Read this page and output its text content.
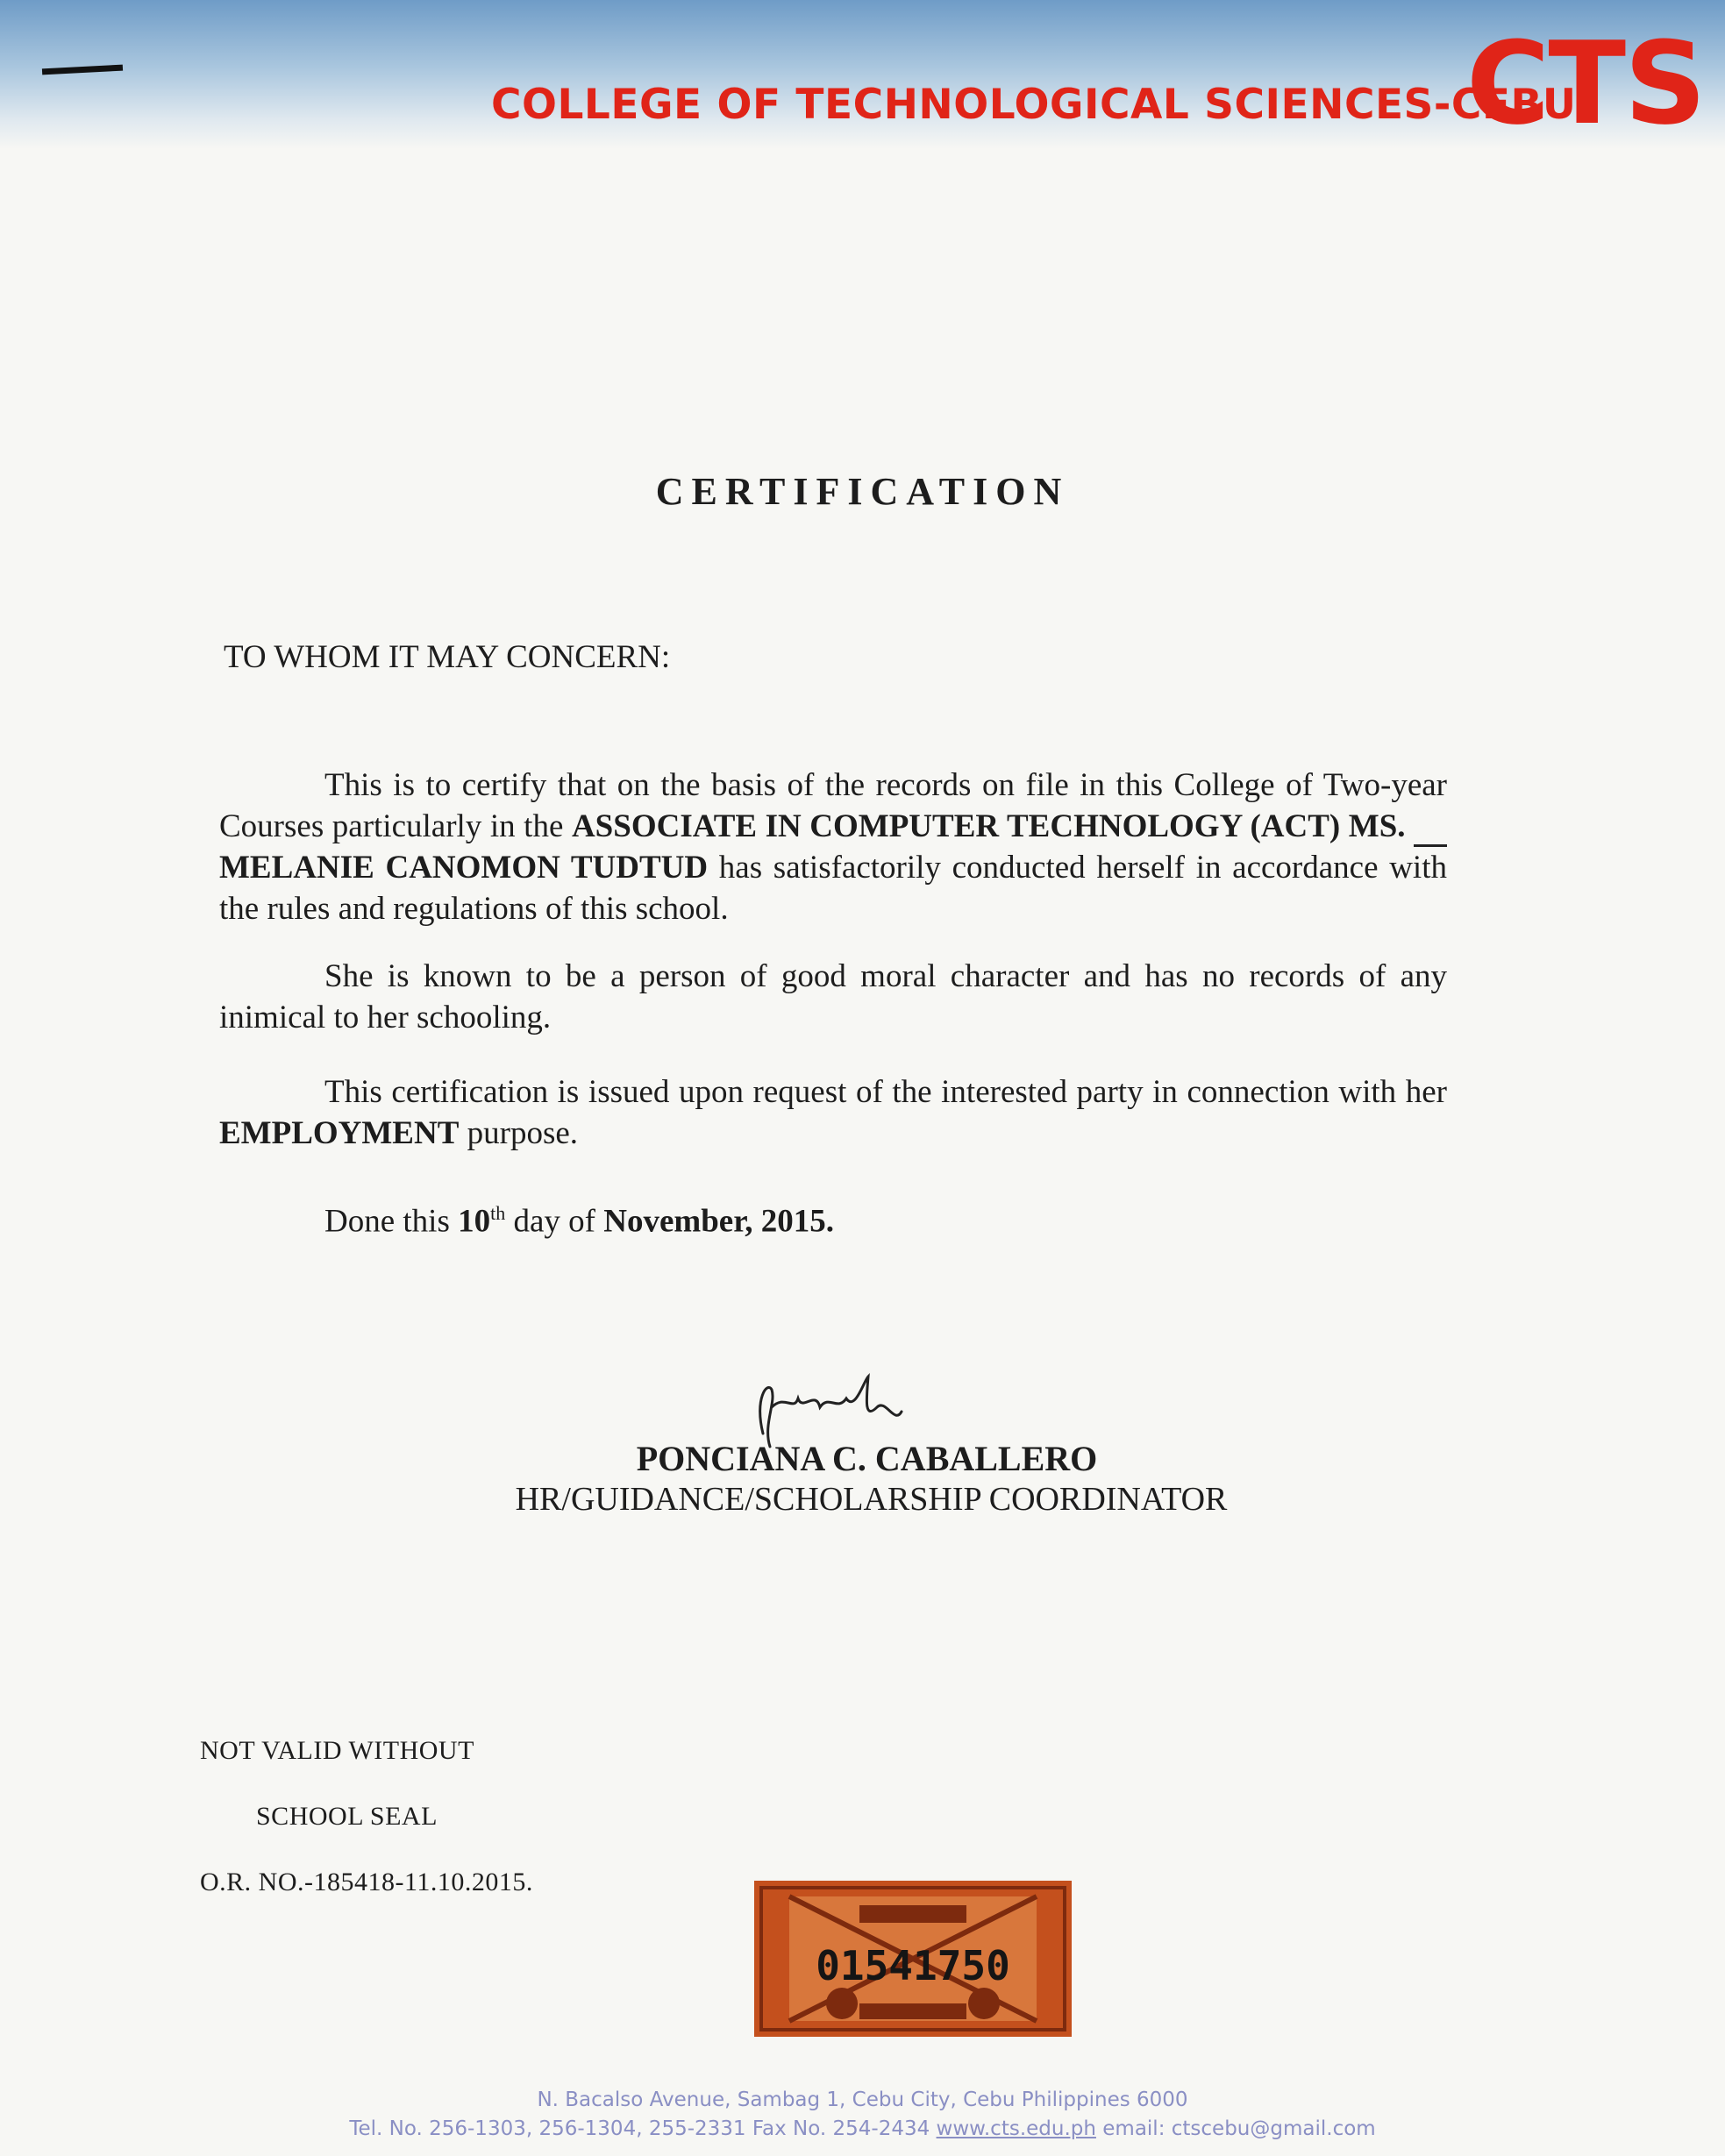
COLLEGE OF TECHNOLOGICAL SCIENCES-CEBU
CTS
CERTIFICATION
TO WHOM IT MAY CONCERN:
This is to certify that on the basis of the records on file in this College of Two-year Courses particularly in the ASSOCIATE IN COMPUTER TECHNOLOGY (ACT) MS.      MELANIE CANOMON TUDTUD has satisfactorily conducted herself in accordance with the rules and regulations of this school.
She is known to be a person of good moral character and has no records of any inimical to her schooling.
This certification is issued upon request of the interested party in connection with her EMPLOYMENT purpose.
Done this 10th day of November, 2015.
PONCIANA C. CABALLERO
HR/GUIDANCE/SCHOLARSHIP COORDINATOR
NOT VALID WITHOUT
SCHOOL SEAL
O.R. NO.-185418-11.10.2015.
01541750
N. Bacalso Avenue, Sambag 1, Cebu City, Cebu Philippines 6000
Tel. No. 256-1303, 256-1304, 255-2331 Fax No. 254-2434 www.cts.edu.ph email: ctscebu@gmail.com
